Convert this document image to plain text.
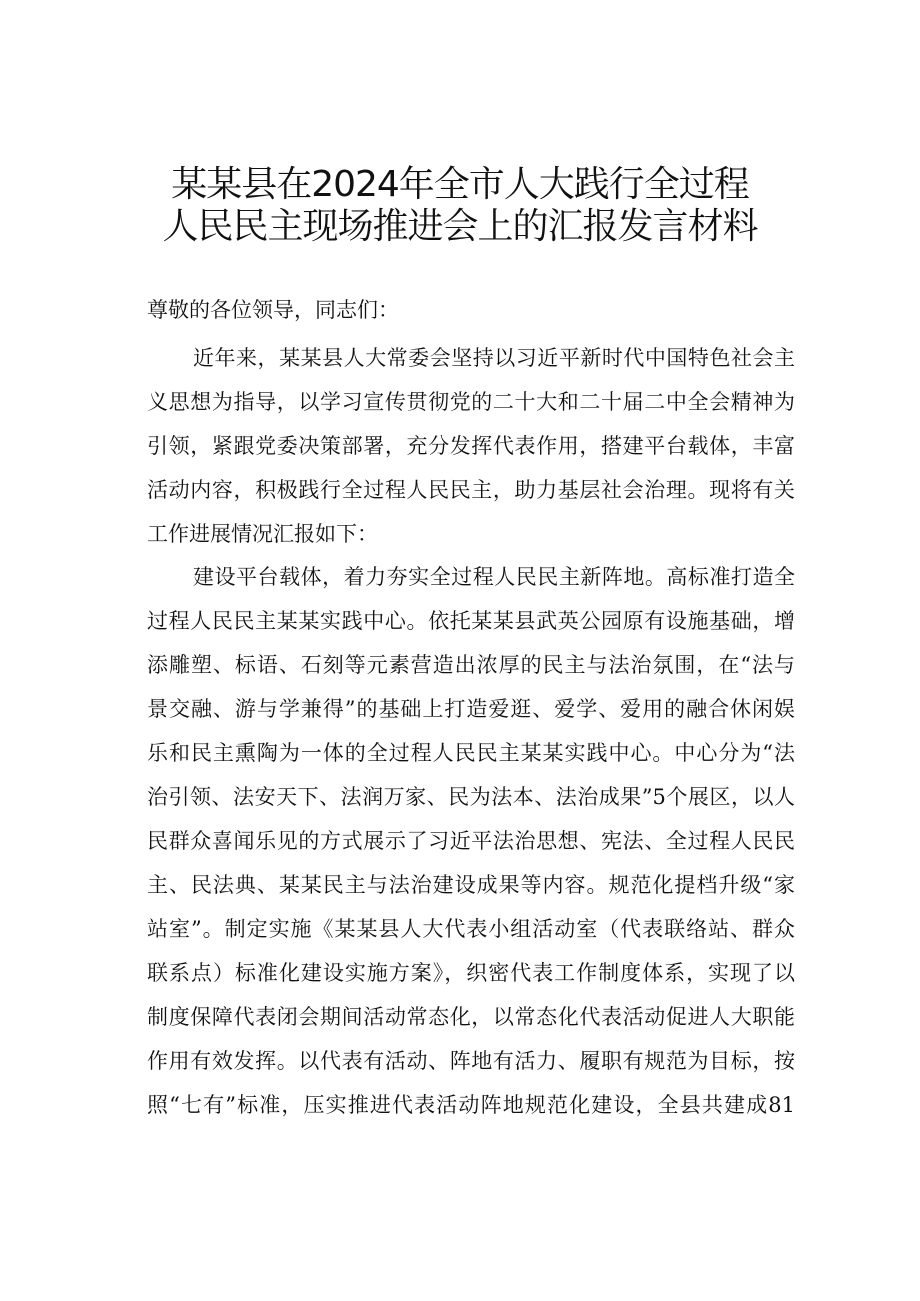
某某县在2024年全市人大践行全过程
人民民主现场推进会上的汇报发言材料
尊敬的各位领导，同志们：
近年来，某某县人大常委会坚持以习近平新时代中国特色社会主
义思想为指导，以学习宣传贯彻党的二十大和二十届二中全会精神为
引领，紧跟党委决策部署，充分发挥代表作用，搭建平台载体，丰富
活动内容，积极践行全过程人民民主，助力基层社会治理。现将有关
工作进展情况汇报如下：
建设平台载体，着力夯实全过程人民民主新阵地。高标准打造全
过程人民民主某某实践中心。依托某某县武英公园原有设施基础，增
添雕塑、标语、石刻等元素营造出浓厚的民主与法治氛围，在“法与
景交融、游与学兼得”的基础上打造爱逛、爱学、爱用的融合休闲娱
乐和民主熏陶为一体的全过程人民民主某某实践中心。中心分为“法
治引领、法安天下、法润万家、民为法本、法治成果”5个展区，以人
民群众喜闻乐见的方式展示了习近平法治思想、宪法、全过程人民民
主、民法典、某某民主与法治建设成果等内容。规范化提档升级“家
站室”。制定实施《某某县人大代表小组活动室（代表联络站、群众
联系点）标准化建设实施方案》，织密代表工作制度体系，实现了以
制度保障代表闭会期间活动常态化，以常态化代表活动促进人大职能
作用有效发挥。以代表有活动、阵地有活力、履职有规范为目标，按
照“七有”标准，压实推进代表活动阵地规范化建设，全县共建成81
